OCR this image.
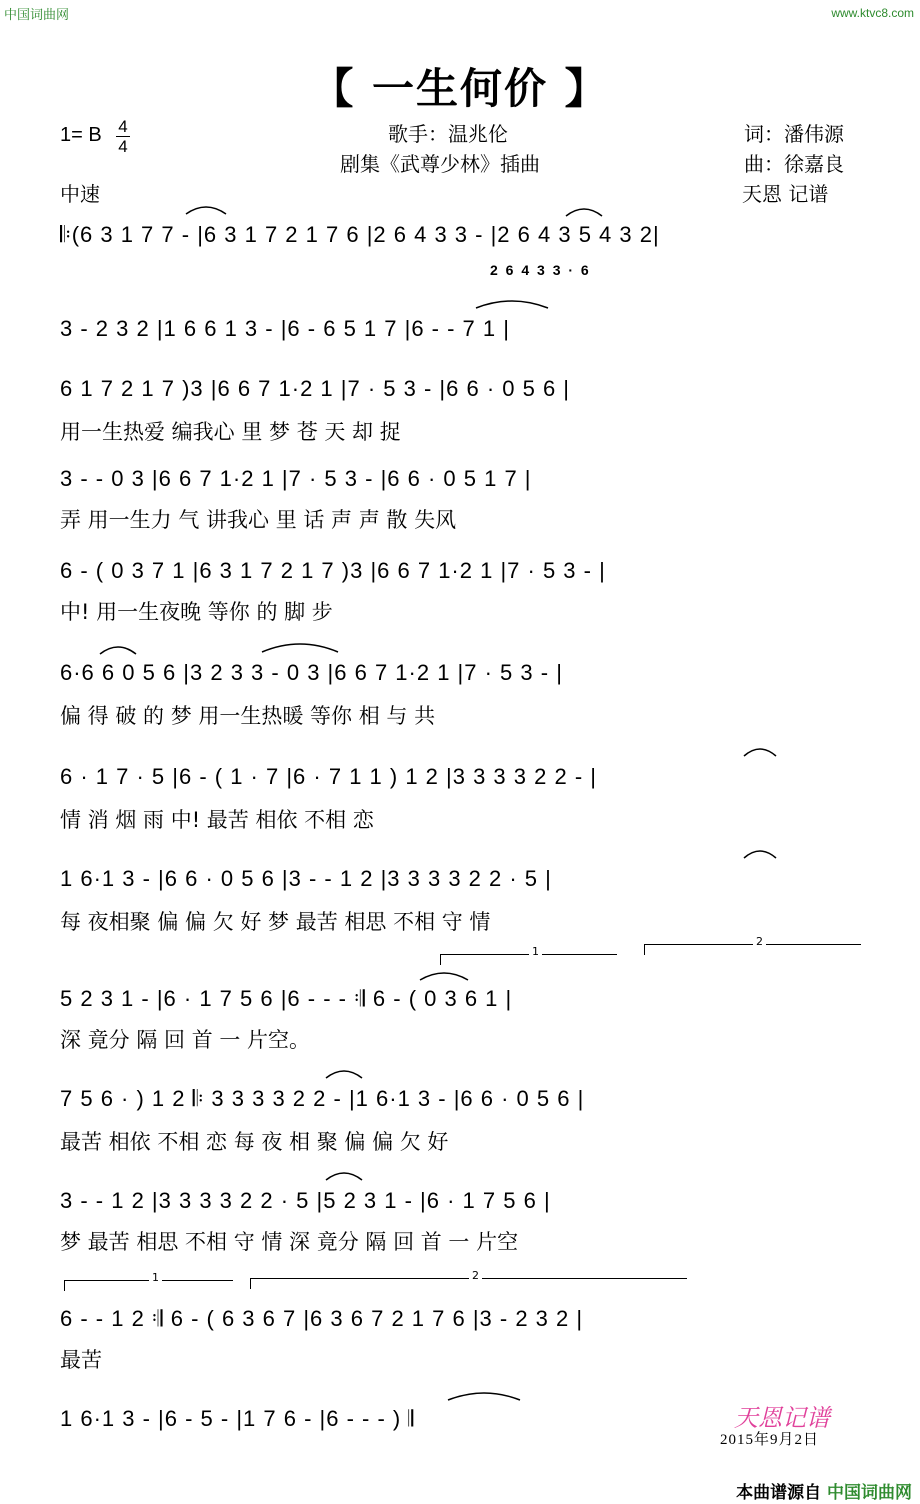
中国词曲网	www.ktvc8.com
【 一生何价 】
1= B 4
4
中速
歌手：温兆伦
剧集《武尊少林》插曲
词：潘伟源
曲：徐嘉良
天恩 记谱
𝄆(6 3 1 7 7 - |6 3 1 7 2 1 7 6 |2 6 4 3 3 - |2 6 4 3 5 4 3 2|
2 6 4 3 3 · 6
3 - 2 3 2 |1 6 6 1 3 - |6 - 6 5 1 7 |6 - - 7 1 |
6 1 7 2 1 7 )3 |6 6 7 1·2 1 |7 · 5 3 - |6 6 · 0 5 6 |
用一生热爱 编我心 里 梦 苍 天 却 捉
3 - - 0 3 |6 6 7 1·2 1 |7 · 5 3 - |6 6 · 0 5 1 7 |
弄 用一生力 气 讲我心 里 话 声 声 散 失风
6 - ( 0 3 7 1 |6 3 1 7 2 1 7 )3 |6 6 7 1·2 1 |7 · 5 3 - |
中! 用一生夜晚 等你 的 脚 步
6·6 6 0 5 6 |3 2 3 3 - 0 3 |6 6 7 1·2 1 |7 · 5 3 - |
偏 得 破 的 梦 用一生热暖 等你 相 与 共
6 · 1 7 · 5 |6 - ( 1 · 7 |6 · 7 1 1 ) 1 2 |3 3 3 3 2 2 - |
情 消 烟 雨 中! 最苦 相依 不相 恋
1 6·1 3 - |6 6 · 0 5 6 |3 - - 1 2 |3 3 3 3 2 2 · 5 |
每 夜相聚 偏 偏 欠 好 梦 最苦 相思 不相 守 情
1
2
5 2 3 1 - |6 · 1 7 5 6 |6 - - - 𝄇 6 - ( 0 3 6 1 |
深 竟分 隔 回 首 一 片空。
7 5 6 · ) 1 2 𝄆 3 3 3 3 2 2 - |1 6·1 3 - |6 6 · 0 5 6 |
最苦 相依 不相 恋 每 夜 相 聚 偏 偏 欠 好
3 - - 1 2 |3 3 3 3 2 2 · 5 |5 2 3 1 - |6 · 1 7 5 6 |
梦 最苦 相思 不相 守 情 深 竟分 隔 回 首 一 片空
1	2
6 - - 1 2 𝄇 6 - ( 6 3 6 7 |6 3 6 7 2 1 7 6 |3 - 2 3 2 |
最苦
1 6·1 3 - |6 - 5 - |1 7 6 - |6 - - - ) 𝄂	天恩记谱
2015年9月2日
本曲谱源自 中国词曲网
